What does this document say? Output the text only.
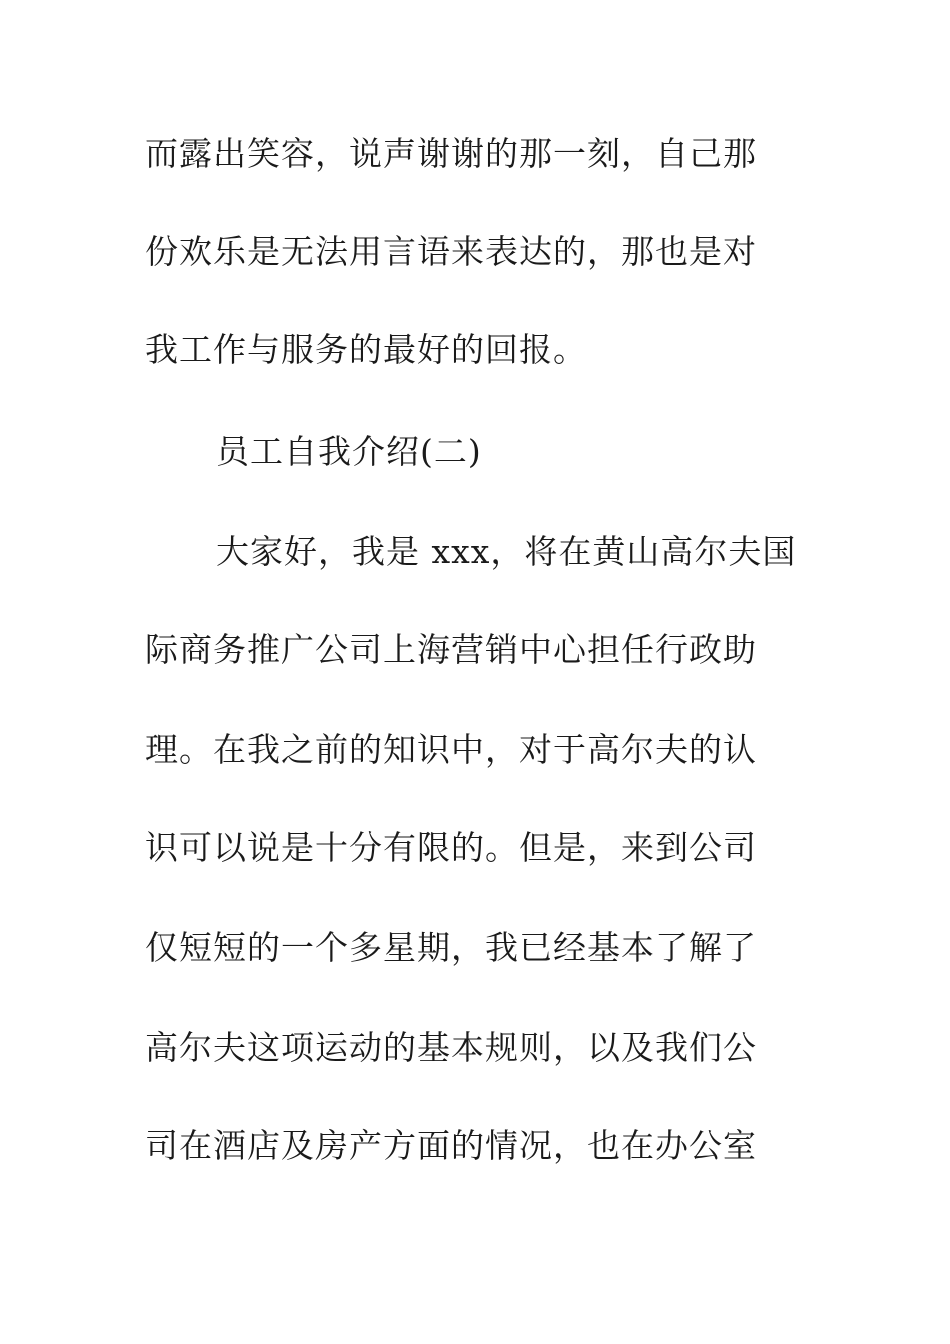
而露出笑容，说声谢谢的那一刻，自己那
份欢乐是无法用言语来表达的，那也是对
我工作与服务的最好的回报。
员工自我介绍(二)
大家好，我是 xxx，将在黄山高尔夫国
际商务推广公司上海营销中心担任行政助
理。在我之前的知识中，对于高尔夫的认
识可以说是十分有限的。但是，来到公司
仅短短的一个多星期，我已经基本了解了
高尔夫这项运动的基本规则，以及我们公
司在酒店及房产方面的情况，也在办公室
